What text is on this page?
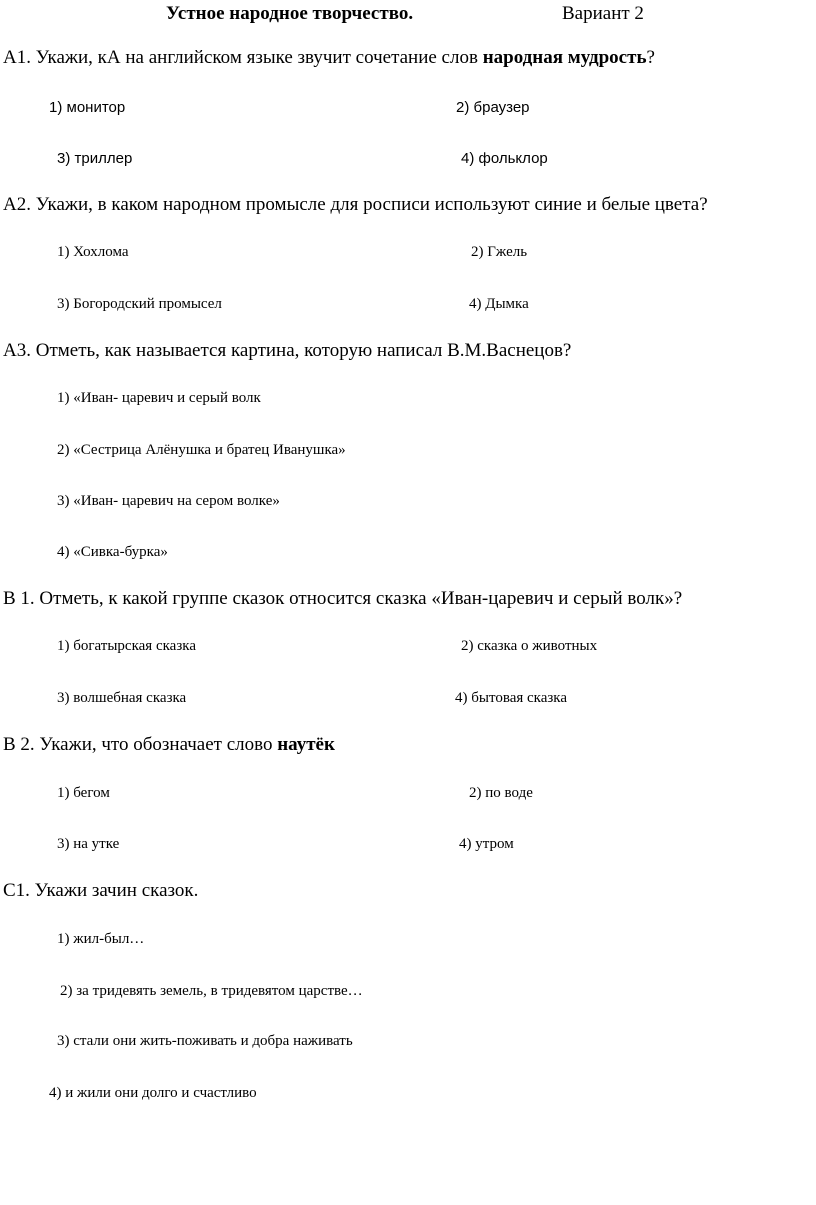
Устное народное творчество.	Вариант 2
А1. Укажи, кА на английском языке звучит сочетание слов народная мудрость?
1) монитор	2) браузер
3) триллер	4) фольклор
А2. Укажи, в каком народном промысле для росписи используют синие и белые цвета?
1) Хохлома	2) Гжель
3) Богородский промысел	4) Дымка
А3. Отметь, как называется картина, которую написал В.М.Васнецов?
1) «Иван- царевич и серый волк
2) «Сестрица Алёнушка и братец Иванушка»
3) «Иван- царевич на сером волке»
4) «Сивка-бурка»
В 1. Отметь, к какой группе сказок относится сказка «Иван-царевич и серый волк»?
1) богатырская сказка	2) сказка о животных
3) волшебная сказка	4) бытовая сказка
В 2. Укажи, что обозначает слово наутёк
1) бегом	2) по воде
3) на утке	4) утром
С1. Укажи зачин сказок.
1) жил-был…
2) за тридевять земель, в тридевятом царстве…
3) стали они жить-поживать и добра наживать
4) и жили они долго и счастливо
